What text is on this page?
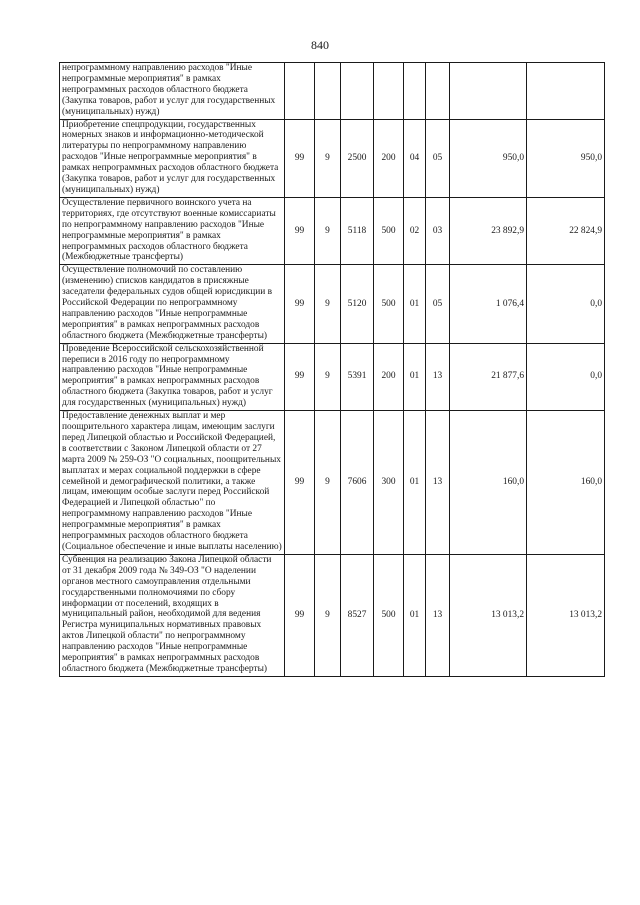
840
непрограммному направлению расходов "Иные непрограммные мероприятия" в рамках непрограммных расходов областного бюджета (Закупка товаров, работ и услуг для государственных (муниципальных) нужд)								
Приобретение спецпродукции, государственных номерных знаков и информационно-методической литературы по непрограммному направлению расходов "Иные непрограммные мероприятия" в рамках непрограммных расходов областного бюджета (Закупка товаров, работ и услуг для государственных (муниципальных) нужд)	99	9	2500	200	04	05	950,0	950,0
Осуществление первичного воинского учета на территориях, где отсутствуют военные комиссариаты по непрограммному направлению расходов "Иные непрограммные мероприятия" в рамках непрограммных расходов областного бюджета (Межбюджетные трансферты)	99	9	5118	500	02	03	23 892,9	22 824,9
Осуществление полномочий по составлению (изменению) списков кандидатов в присяжные заседатели федеральных судов общей юрисдикции в Российской Федерации по непрограммному направлению расходов "Иные непрограммные мероприятия" в рамках непрограммных расходов областного бюджета (Межбюджетные трансферты)	99	9	5120	500	01	05	1 076,4	0,0
Проведение Всероссийской сельскохозяйственной переписи в 2016 году по непрограммному направлению расходов "Иные непрограммные мероприятия" в рамках непрограммных расходов областного бюджета (Закупка товаров, работ и услуг для государственных (муниципальных) нужд)	99	9	5391	200	01	13	21 877,6	0,0
Предоставление денежных выплат и мер поощрительного характера лицам, имеющим заслуги перед Липецкой областью и Российской Федерацией, в соответствии с Законом Липецкой области от 27 марта 2009 № 259-ОЗ "О социальных, поощрительных выплатах и мерах социальной поддержки в сфере семейной и демографической политики, а также лицам, имеющим особые заслуги перед Российской Федерацией и Липецкой областью" по непрограммному направлению расходов "Иные непрограммные мероприятия" в рамках непрограммных расходов областного бюджета (Социальное обеспечение и иные выплаты населению)	99	9	7606	300	01	13	160,0	160,0
Субвенция на реализацию Закона Липецкой области от 31 декабря 2009 года № 349-ОЗ "О наделении органов местного самоуправления отдельными государственными полномочиями по сбору информации от поселений, входящих в муниципальный район, необходимой для ведения Регистра муниципальных нормативных правовых актов Липецкой области" по непрограммному направлению расходов "Иные непрограммные мероприятия" в рамках непрограммных расходов областного бюджета (Межбюджетные трансферты)	99	9	8527	500	01	13	13 013,2	13 013,2
